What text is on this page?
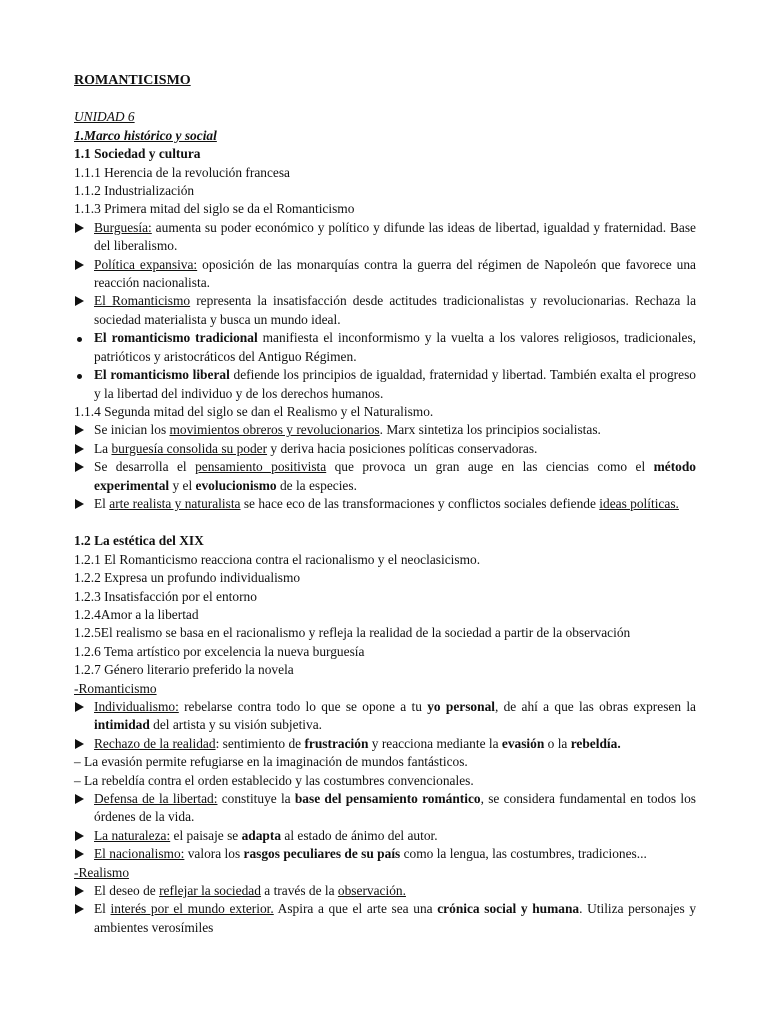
ROMANTICISMO
UNIDAD 6
1.Marco histórico y social
1.1 Sociedad y cultura
1.1.1 Herencia de la revolución francesa
1.1.2 Industrialización
1.1.3 Primera mitad del siglo se da el Romanticismo
Burguesía: aumenta su poder económico y político y difunde las ideas de libertad, igualdad y fraternidad. Base del liberalismo.
Política expansiva: oposición de las monarquías contra la guerra del régimen de Napoleón que favorece una reacción nacionalista.
El Romanticismo representa la insatisfacción desde actitudes tradicionalistas y revolucionarias. Rechaza la sociedad materialista y busca un mundo ideal.
El romanticismo tradicional manifiesta el inconformismo y la vuelta a los valores religiosos, tradicionales, patrióticos y aristocráticos del Antiguo Régimen.
El romanticismo liberal defiende los principios de igualdad, fraternidad y libertad. También exalta el progreso y la libertad del individuo y de los derechos humanos.
1.1.4 Segunda mitad del siglo se dan el Realismo y el Naturalismo.
Se inician los movimientos obreros y revolucionarios. Marx sintetiza los principios socialistas.
La burguesía consolida su poder y deriva hacia posiciones políticas conservadoras.
Se desarrolla el pensamiento positivista que provoca un gran auge en las ciencias como el método experimental y el evolucionismo de la especies.
El arte realista y naturalista se hace eco de las transformaciones y conflictos sociales defiende ideas políticas.
1.2 La estética del XIX
1.2.1 El Romanticismo reacciona contra el racionalismo y el neoclasicismo.
1.2.2 Expresa un profundo individualismo
1.2.3 Insatisfacción por el entorno
1.2.4Amor a la libertad
1.2.5El realismo se basa en el racionalismo y refleja la realidad de la sociedad a partir de la observación
1.2.6 Tema artístico por excelencia la nueva burguesía
1.2.7 Género literario preferido la novela
-Romanticismo
Individualismo: rebelarse contra todo lo que se opone a tu yo personal, de ahí a que las obras expresen la intimidad del artista y su visión subjetiva.
Rechazo de la realidad: sentimiento de frustración y reacciona mediante la evasión o la rebeldía.
– La evasión permite refugiarse en la imaginación de mundos fantásticos.
– La rebeldía contra el orden establecido y las costumbres convencionales.
Defensa de la libertad: constituye la base del pensamiento romántico, se considera fundamental en todos los órdenes de la vida.
La naturaleza: el paisaje se adapta al estado de ánimo del autor.
El nacionalismo: valora los rasgos peculiares de su país como la lengua, las costumbres, tradiciones...
-Realismo
El deseo de reflejar la sociedad a través de la observación.
El interés por el mundo exterior. Aspira a que el arte sea una crónica social y humana. Utiliza personajes y ambientes verosímiles
